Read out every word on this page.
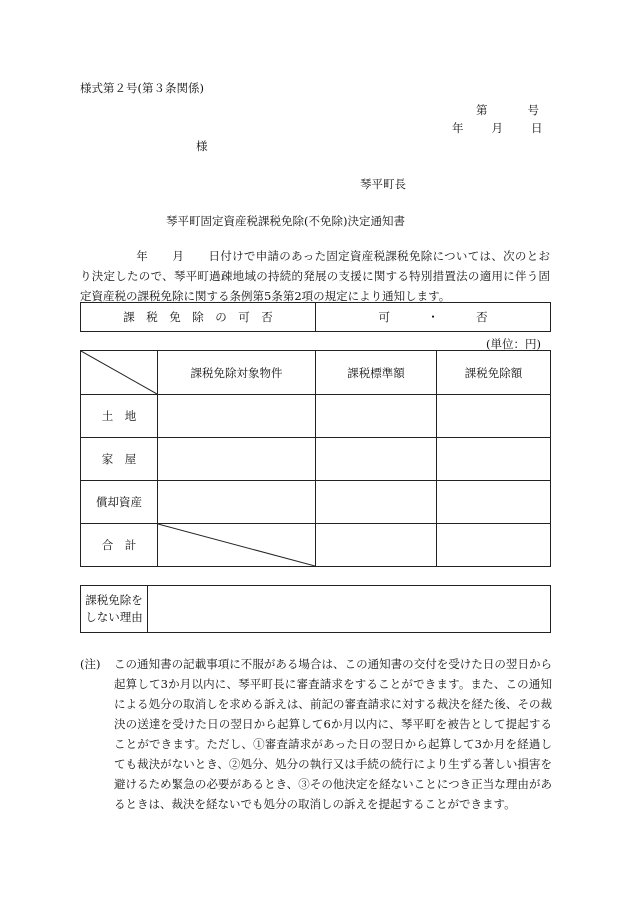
様式第２号(第３条関係)
第	号
年 月 日
様
琴平町長
琴平町固定資産税課税免除(不免除)決定通知書
年 月 日付けで申請のあった固定資産税課税免除については、次のとおり決定したので、琴平町過疎地域の持続的発展の支援に関する特別措置法の適用に伴う固定資産税の課税免除に関する条例第5条第2項の規定により通知します。
課　税　免　除　の　可　否	可	・	否
(単位：円)
	課税免除対象物件	課税標準額	課税免除額
土　地			
家　屋			
償却資産			
合　計	

課税免除を
しない理由

(注) この通知書の記載事項に不服がある場合は、この通知書の交付を受けた日の翌日から起算して3か月以内に、琴平町長に審査請求をすることができます。また、この通知による処分の取消しを求める訴えは、前記の審査請求に対する裁決を経た後、その裁決の送達を受けた日の翌日から起算して6か月以内に、琴平町を被告として提起することができます。ただし、①審査請求があった日の翌日から起算して3か月を経過しても裁決がないとき、②処分、処分の執行又は手続の続行により生ずる著しい損害を避けるため緊急の必要があるとき、③その他決定を経ないことにつき正当な理由があるときは、裁決を経ないでも処分の取消しの訴えを提起することができます。
